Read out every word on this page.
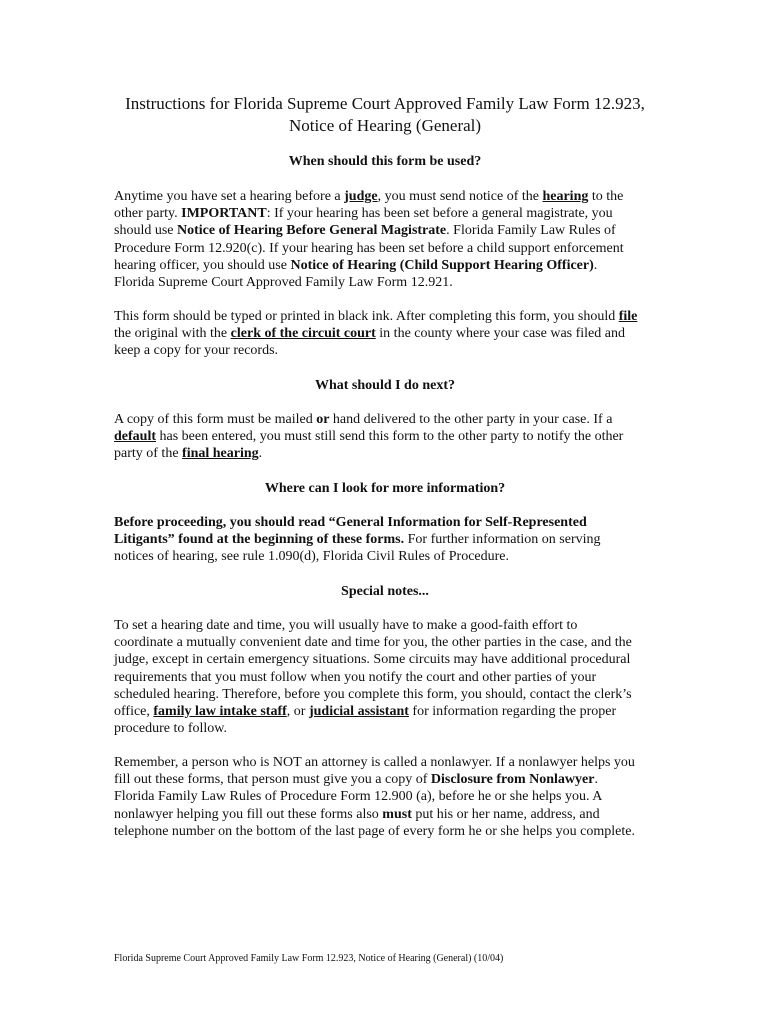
Instructions for Florida Supreme Court Approved Family Law Form 12.923,
Notice of Hearing (General)
When should this form be used?
Anytime you have set a hearing before a judge, you must send notice of the hearing to the
other party. IMPORTANT: If your hearing has been set before a general magistrate, you
should use Notice of Hearing Before General Magistrate. Florida Family Law Rules of
Procedure Form 12.920(c). If your hearing has been set before a child support enforcement
hearing officer, you should use Notice of Hearing (Child Support Hearing Officer).
Florida Supreme Court Approved Family Law Form 12.921.
This form should be typed or printed in black ink. After completing this form, you should file
the original with the clerk of the circuit court in the county where your case was filed and
keep a copy for your records.
What should I do next?
A copy of this form must be mailed or hand delivered to the other party in your case. If a
default has been entered, you must still send this form to the other party to notify the other
party of the final hearing.
Where can I look for more information?
Before proceeding, you should read “General Information for Self-Represented
Litigants” found at the beginning of these forms. For further information on serving
notices of hearing, see rule 1.090(d), Florida Civil Rules of Procedure.
Special notes...
To set a hearing date and time, you will usually have to make a good-faith effort to
coordinate a mutually convenient date and time for you, the other parties in the case, and the
judge, except in certain emergency situations. Some circuits may have additional procedural
requirements that you must follow when you notify the court and other parties of your
scheduled hearing. Therefore, before you complete this form, you should, contact the clerk’s
office, family law intake staff, or judicial assistant for information regarding the proper
procedure to follow.
Remember, a person who is NOT an attorney is called a nonlawyer. If a nonlawyer helps you
fill out these forms, that person must give you a copy of Disclosure from Nonlawyer.
Florida Family Law Rules of Procedure Form 12.900 (a), before he or she helps you. A
nonlawyer helping you fill out these forms also must put his or her name, address, and
telephone number on the bottom of the last page of every form he or she helps you complete.
Florida Supreme Court Approved Family Law Form 12.923, Notice of Hearing (General) (10/04)
